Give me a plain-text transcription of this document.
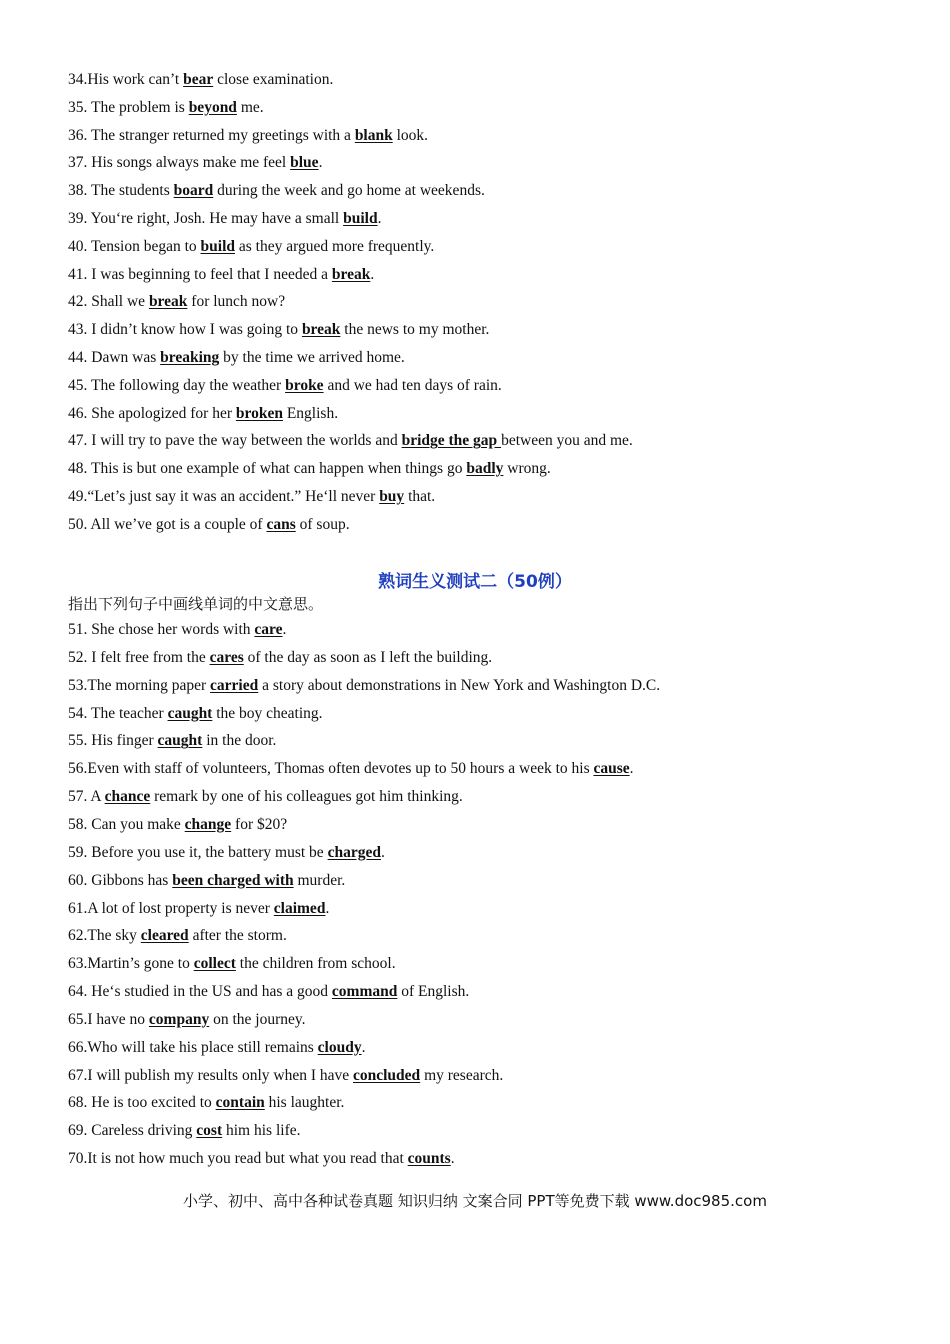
34.His work can’t bear close examination.
35. The problem is beyond me.
36. The stranger returned my greetings with a blank look.
37. His songs always make me feel blue.
38. The students board during the week and go home at weekends.
39. You‘re right, Josh. He may have a small build.
40. Tension began to build as they argued more frequently.
41. I was beginning to feel that I needed a break.
42. Shall we break for lunch now?
43. I didn’t know how I was going to break the news to my mother.
44. Dawn was breaking by the time we arrived home.
45. The following day the weather broke and we had ten days of rain.
46. She apologized for her broken English.
47. I will try to pave the way between the worlds and bridge the gap between you and me.
48. This is but one example of what can happen when things go badly wrong.
49.“Let’s just say it was an accident.” He‘ll never buy that.
50. All we’ve got is a couple of cans of soup.
熟词生义测试二（50例）
指出下列句子中画线单词的中文意思。
51. She chose her words with care.
52. I felt free from the cares of the day as soon as I left the building.
53.The morning paper carried a story about demonstrations in New York and Washington D.C.
54. The teacher caught the boy cheating.
55. His finger caught in the door.
56.Even with staff of volunteers, Thomas often devotes up to 50 hours a week to his cause.
57. A chance remark by one of his colleagues got him thinking.
58. Can you make change for $20?
59. Before you use it, the battery must be charged.
60. Gibbons has been charged with murder.
61.A lot of lost property is never claimed.
62.The sky cleared after the storm.
63.Martin’s gone to collect the children from school.
64. He‘s studied in the US and has a good command of English.
65.I have no company on the journey.
66.Who will take his place still remains cloudy.
67.I will publish my results only when I have concluded my research.
68. He is too excited to contain his laughter.
69. Careless driving cost him his life.
70.It is not how much you read but what you read that counts.
小学、初中、高中各种试卷真题 知识归纳 文案合同 PPT等免费下载 www.doc985.com
